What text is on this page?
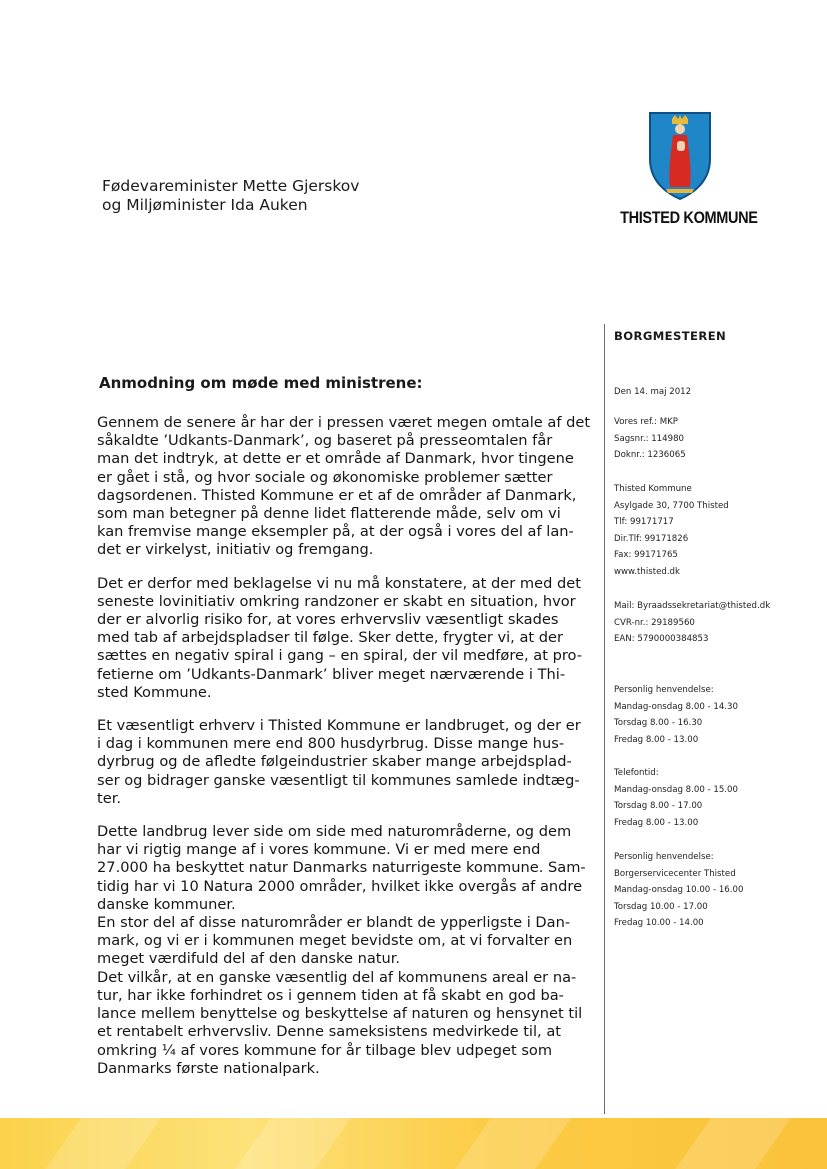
Fødevareminister Mette Gjerskov
og Miljøminister Ida Auken
THISTED KOMMUNE
BORGMESTEREN
Den 14. maj 2012
Vores ref.: MKP
Sagsnr.: 114980
Doknr.: 1236065
Thisted Kommune
Asylgade 30, 7700 Thisted
Tlf: 99171717
Dir.Tlf: 99171826
Fax: 99171765
www.thisted.dk
Mail: Byraadssekretariat@thisted.dk
CVR-nr.: 29189560
EAN: 5790000384853
Personlig henvendelse:
Mandag-onsdag 8.00 - 14.30
Torsdag 8.00 - 16.30
Fredag 8.00 - 13.00
Telefontid:
Mandag-onsdag 8.00 - 15.00
Torsdag 8.00 - 17.00
Fredag 8.00 - 13.00
Personlig henvendelse:
Borgerservicecenter Thisted
Mandag-onsdag 10.00 - 16.00
Torsdag 10.00 - 17.00
Fredag 10.00 - 14.00
Anmodning om møde med ministrene:
Gennem de senere år har der i pressen været megen omtale af det
såkaldte ’Udkants-Danmark’, og baseret på presseomtalen får
man det indtryk, at dette er et område af Danmark, hvor tingene
er gået i stå, og hvor sociale og økonomiske problemer sætter
dagsordenen. Thisted Kommune er et af de områder af Danmark,
som man betegner på denne lidet flatterende måde, selv om vi
kan fremvise mange eksempler på, at der også i vores del af lan-
det er virkelyst, initiativ og fremgang.
Det er derfor med beklagelse vi nu må konstatere, at der med det
seneste lovinitiativ omkring randzoner er skabt en situation, hvor
der er alvorlig risiko for, at vores erhvervsliv væsentligt skades
med tab af arbejdspladser til følge. Sker dette, frygter vi, at der
sættes en negativ spiral i gang – en spiral, der vil medføre, at pro-
fetierne om ’Udkants-Danmark’ bliver meget nærværende i Thi-
sted Kommune.
Et væsentligt erhverv i Thisted Kommune er landbruget, og der er
i dag i kommunen mere end 800 husdyrbrug. Disse mange hus-
dyrbrug og de afledte følgeindustrier skaber mange arbejdsplad-
ser og bidrager ganske væsentligt til kommunes samlede indtæg-
ter.
Dette landbrug lever side om side med naturområderne, og dem
har vi rigtig mange af i vores kommune. Vi er med mere end
27.000 ha beskyttet natur Danmarks naturrigeste kommune. Sam-
tidig har vi 10 Natura 2000 områder, hvilket ikke overgås af andre
danske kommuner.
En stor del af disse naturområder er blandt de ypperligste i Dan-
mark, og vi er i kommunen meget bevidste om, at vi forvalter en
meget værdifuld del af den danske natur.
Det vilkår, at en ganske væsentlig del af kommunens areal er na-
tur, har ikke forhindret os i gennem tiden at få skabt en god ba-
lance mellem benyttelse og beskyttelse af naturen og hensynet til
et rentabelt erhvervsliv. Denne sameksistens medvirkede til, at
omkring ¼ af vores kommune for år tilbage blev udpeget som
Danmarks første nationalpark.
